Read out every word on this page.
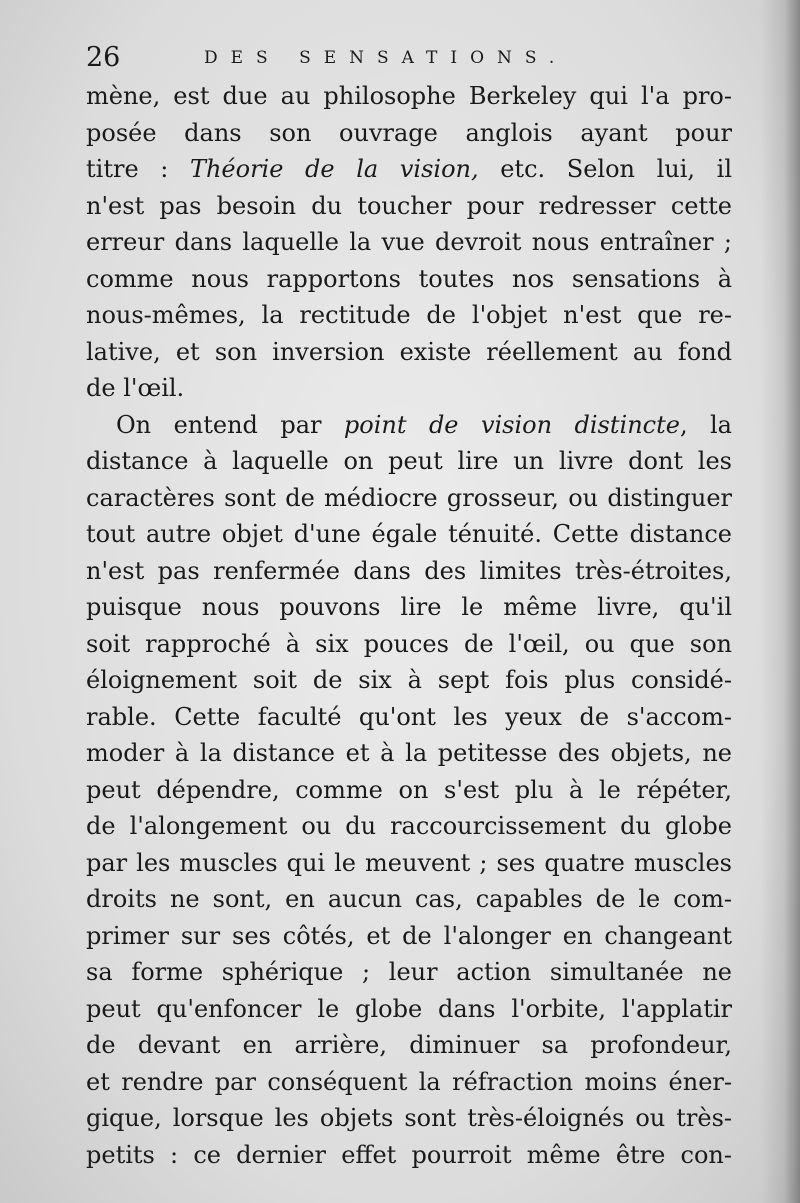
26	DES SENSATIONS.
mène, est due au philosophe Berkeley qui l'a pro-
posée dans son ouvrage anglois ayant pour
titre : Théorie de la vision, etc. Selon lui, il
n'est pas besoin du toucher pour redresser cette
erreur dans laquelle la vue devroit nous entraîner ;
comme nous rapportons toutes nos sensations à
nous-mêmes, la rectitude de l'objet n'est que re-
lative, et son inversion existe réellement au fond
de l'œil.
On entend par point de vision distincte, la
distance à laquelle on peut lire un livre dont les
caractères sont de médiocre grosseur, ou distinguer
tout autre objet d'une égale ténuité. Cette distance
n'est pas renfermée dans des limites très-étroites,
puisque nous pouvons lire le même livre, qu'il
soit rapproché à six pouces de l'œil, ou que son
éloignement soit de six à sept fois plus considé-
rable. Cette faculté qu'ont les yeux de s'accom-
moder à la distance et à la petitesse des objets, ne
peut dépendre, comme on s'est plu à le répéter,
de l'alongement ou du raccourcissement du globe
par les muscles qui le meuvent ; ses quatre muscles
droits ne sont, en aucun cas, capables de le com-
primer sur ses côtés, et de l'alonger en changeant
sa forme sphérique ; leur action simultanée ne
peut qu'enfoncer le globe dans l'orbite, l'applatir
de devant en arrière, diminuer sa profondeur,
et rendre par conséquent la réfraction moins éner-
gique, lorsque les objets sont très-éloignés ou très-
petits : ce dernier effet pourroit même être con-
